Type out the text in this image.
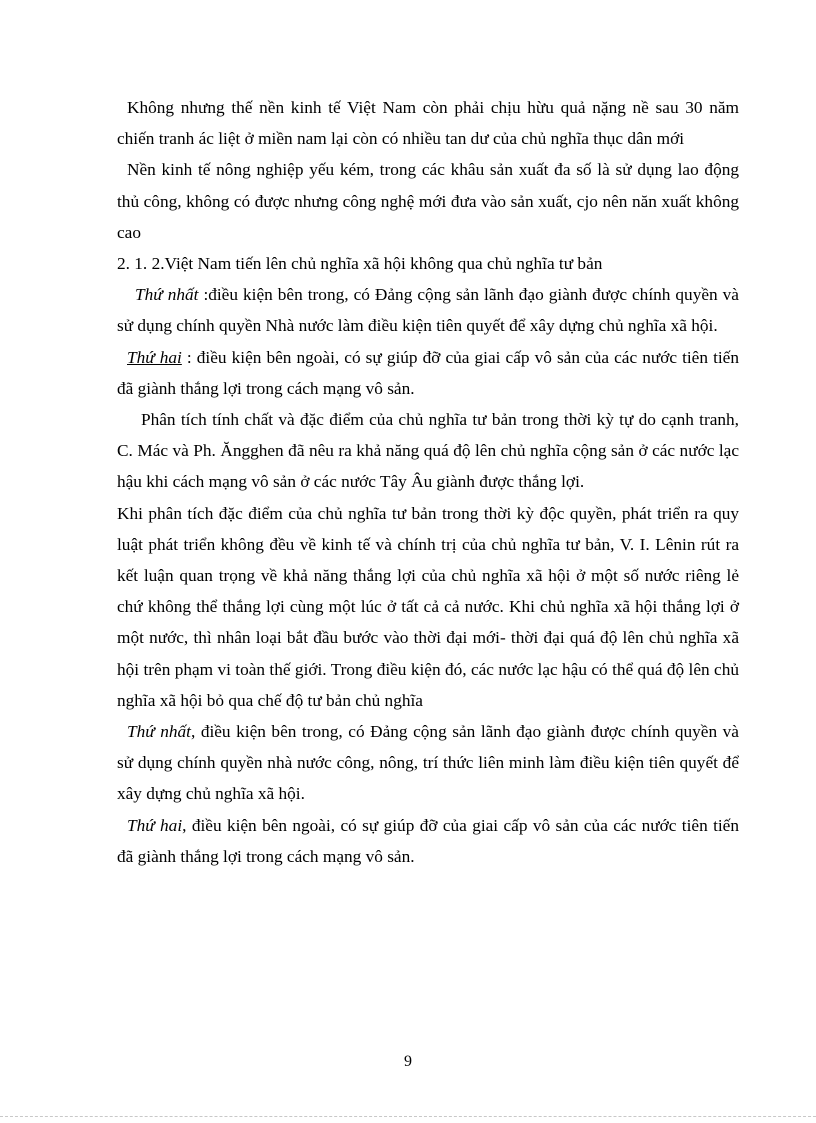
Không nhưng thế nền kinh tế Việt Nam còn phải chịu hừu quả nặng nề sau 30 năm chiến tranh ác liệt ở miền nam lại còn có nhiều tan dư của chủ nghĩa thục dân mới

Nền kinh tế nông nghiệp yếu kém, trong các khâu sản xuất đa số là sử dụng lao động thủ công, không có được nhưng công nghệ mới đưa vào sản xuất, cjo nên năn xuất không cao

2. 1. 2.Việt Nam tiến lên chủ nghĩa xã hội không qua chủ nghĩa tư bản

Thứ nhất :điều kiện bên trong, có Đảng cộng sản lãnh đạo giành được chính quyền và sử dụng chính quyền Nhà nước làm điều kiện tiên quyết để xây dựng chủ nghĩa xã hội.

Thứ hai : điều kiện bên ngoài, có sự giúp đỡ của giai cấp vô sản của các nước tiên tiến đã giành thắng lợi trong cách mạng vô sản.

Phân tích tính chất và đặc điểm của chủ nghĩa tư bản trong thời kỳ tự do cạnh tranh, C. Mác và Ph. Ăngghen đã nêu ra khả năng quá độ lên chủ nghĩa cộng sản ở các nước lạc hậu khi cách mạng vô sản ở các nước Tây Âu giành được thắng lợi.

Khi phân tích đặc điểm của chủ nghĩa tư bản trong thời kỳ độc quyền, phát triển ra quy luật phát triển không đều về kinh tế và chính trị của chủ nghĩa tư bản, V. I. Lênin rút ra kết luận quan trọng về khả năng thắng lợi của chủ nghĩa xã hội ở một số nước riêng lẻ chứ không thể thắng lợi cùng một lúc ở tất cả cả nước. Khi chủ nghĩa xã hội thắng lợi ở một nước, thì nhân loại bắt đầu bước vào thời đại mới- thời đại quá độ lên chủ nghĩa xã hội trên phạm vi toàn thế giới. Trong điều kiện đó, các nước lạc hậu có thể quá độ lên chủ nghĩa xã hội bỏ qua chế độ tư bản chủ nghĩa

Thứ nhất, điều kiện bên trong, có Đảng cộng sản lãnh đạo giành được chính quyền và sử dụng chính quyền nhà nước công, nông, trí thức liên minh làm điều kiện tiên quyết để xây dựng chủ nghĩa xã hội.

Thứ hai, điều kiện bên ngoài, có sự giúp đỡ của giai cấp vô sản của các nước tiên tiến đã giành thắng lợi trong cách mạng vô sản.

9
